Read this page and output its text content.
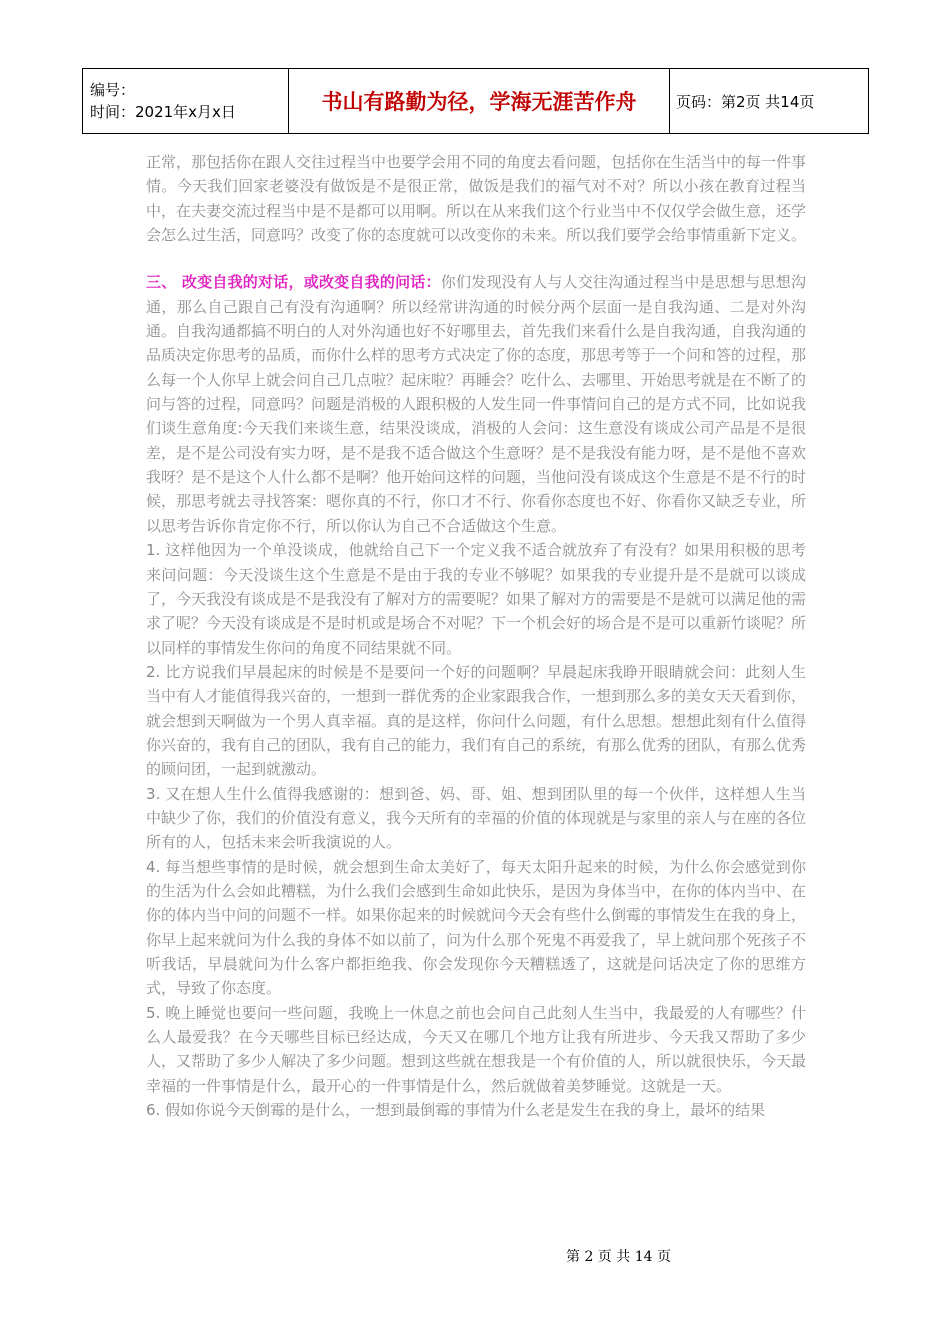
编号：
时间：2021年x月x日	书山有路勤为径，学海无涯苦作舟	页码：第2页 共14页

正常，那包括你在跟人交往过程当中也要学会用不同的角度去看问题，包括你在生活当中的每一件事情。今天我们回家老婆没有做饭是不是很正常，做饭是我们的福气对不对？所以小孩在教育过程当中，在夫妻交流过程当中是不是都可以用啊。所以在从来我们这个行业当中不仅仅学会做生意，还学会怎么过生活，同意吗？改变了你的态度就可以改变你的未来。所以我们要学会给事情重新下定义。

三、 改变自我的对话，或改变自我的问话：你们发现没有人与人交往沟通过程当中是思想与思想沟通，那么自己跟自己有没有沟通啊？所以经常讲沟通的时候分两个层面一是自我沟通、二是对外沟通。自我沟通都搞不明白的人对外沟通也好不好哪里去，首先我们来看什么是自我沟通，自我沟通的品质决定你思考的品质，而你什么样的思考方式决定了你的态度，那思考等于一个问和答的过程，那么每一个人你早上就会问自己几点啦？起床啦？再睡会？吃什么、去哪里、开始思考就是在不断了的问与答的过程，同意吗？问题是消极的人跟积极的人发生同一件事情问自己的是方式不同，比如说我们谈生意角度:今天我们来谈生意，结果没谈成，消极的人会问：这生意没有谈成公司产品是不是很差，是不是公司没有实力呀，是不是我不适合做这个生意呀？是不是我没有能力呀，是不是他不喜欢我呀？是不是这个人什么都不是啊？他开始问这样的问题，当他问没有谈成这个生意是不是不行的时候，那思考就去寻找答案：嗯你真的不行，你口才不行、你看你态度也不好、你看你又缺乏专业，所以思考告诉你肯定你不行，所以你认为自己不合适做这个生意。

1. 这样他因为一个单没谈成，他就给自己下一个定义我不适合就放弃了有没有？如果用积极的思考来问问题：今天没谈生这个生意是不是由于我的专业不够呢？如果我的专业提升是不是就可以谈成了，今天我没有谈成是不是我没有了解对方的需要呢？如果了解对方的需要是不是就可以满足他的需求了呢？今天没有谈成是不是时机或是场合不对呢？下一个机会好的场合是不是可以重新竹谈呢？所以同样的事情发生你问的角度不同结果就不同。

2. 比方说我们早晨起床的时候是不是要问一个好的问题啊？早晨起床我睁开眼睛就会问：此刻人生当中有人才能值得我兴奋的，一想到一群优秀的企业家跟我合作，一想到那么多的美女天天看到你，就会想到天啊做为一个男人真幸福。真的是这样，你问什么问题，有什么思想。想想此刻有什么值得你兴奋的，我有自己的团队，我有自己的能力，我们有自己的系统，有那么优秀的团队，有那么优秀的顾问团，一起到就激动。

3. 又在想人生什么值得我感谢的：想到爸、妈、哥、姐、想到团队里的每一个伙伴，这样想人生当中缺少了你，我们的价值没有意义，我今天所有的幸福的价值的体现就是与家里的亲人与在座的各位所有的人，包括未来会听我演说的人。

4. 每当想些事情的是时候，就会想到生命太美好了，每天太阳升起来的时候，为什么你会感觉到你的生活为什么会如此糟糕，为什么我们会感到生命如此快乐，是因为身体当中，在你的体内当中、在你的体内当中问的问题不一样。如果你起来的时候就问今天会有些什么倒霉的事情发生在我的身上，你早上起来就问为什么我的身体不如以前了，问为什么那个死鬼不再爱我了，早上就问那个死孩子不听我话，早晨就问为什么客户都拒绝我、你会发现你今天糟糕透了，这就是问话决定了你的思维方式，导致了你态度。

5. 晚上睡觉也要问一些问题，我晚上一休息之前也会问自己此刻人生当中，我最爱的人有哪些？什么人最爱我？在今天哪些目标已经达成，今天又在哪几个地方让我有所进步、今天我又帮助了多少人，又帮助了多少人解决了多少问题。想到这些就在想我是一个有价值的人，所以就很快乐，今天最幸福的一件事情是什么，最开心的一件事情是什么，然后就做着美梦睡觉。这就是一天。

6. 假如你说今天倒霉的是什么，一想到最倒霉的事情为什么老是发生在我的身上，最坏的结果

第 2 页 共 14 页
